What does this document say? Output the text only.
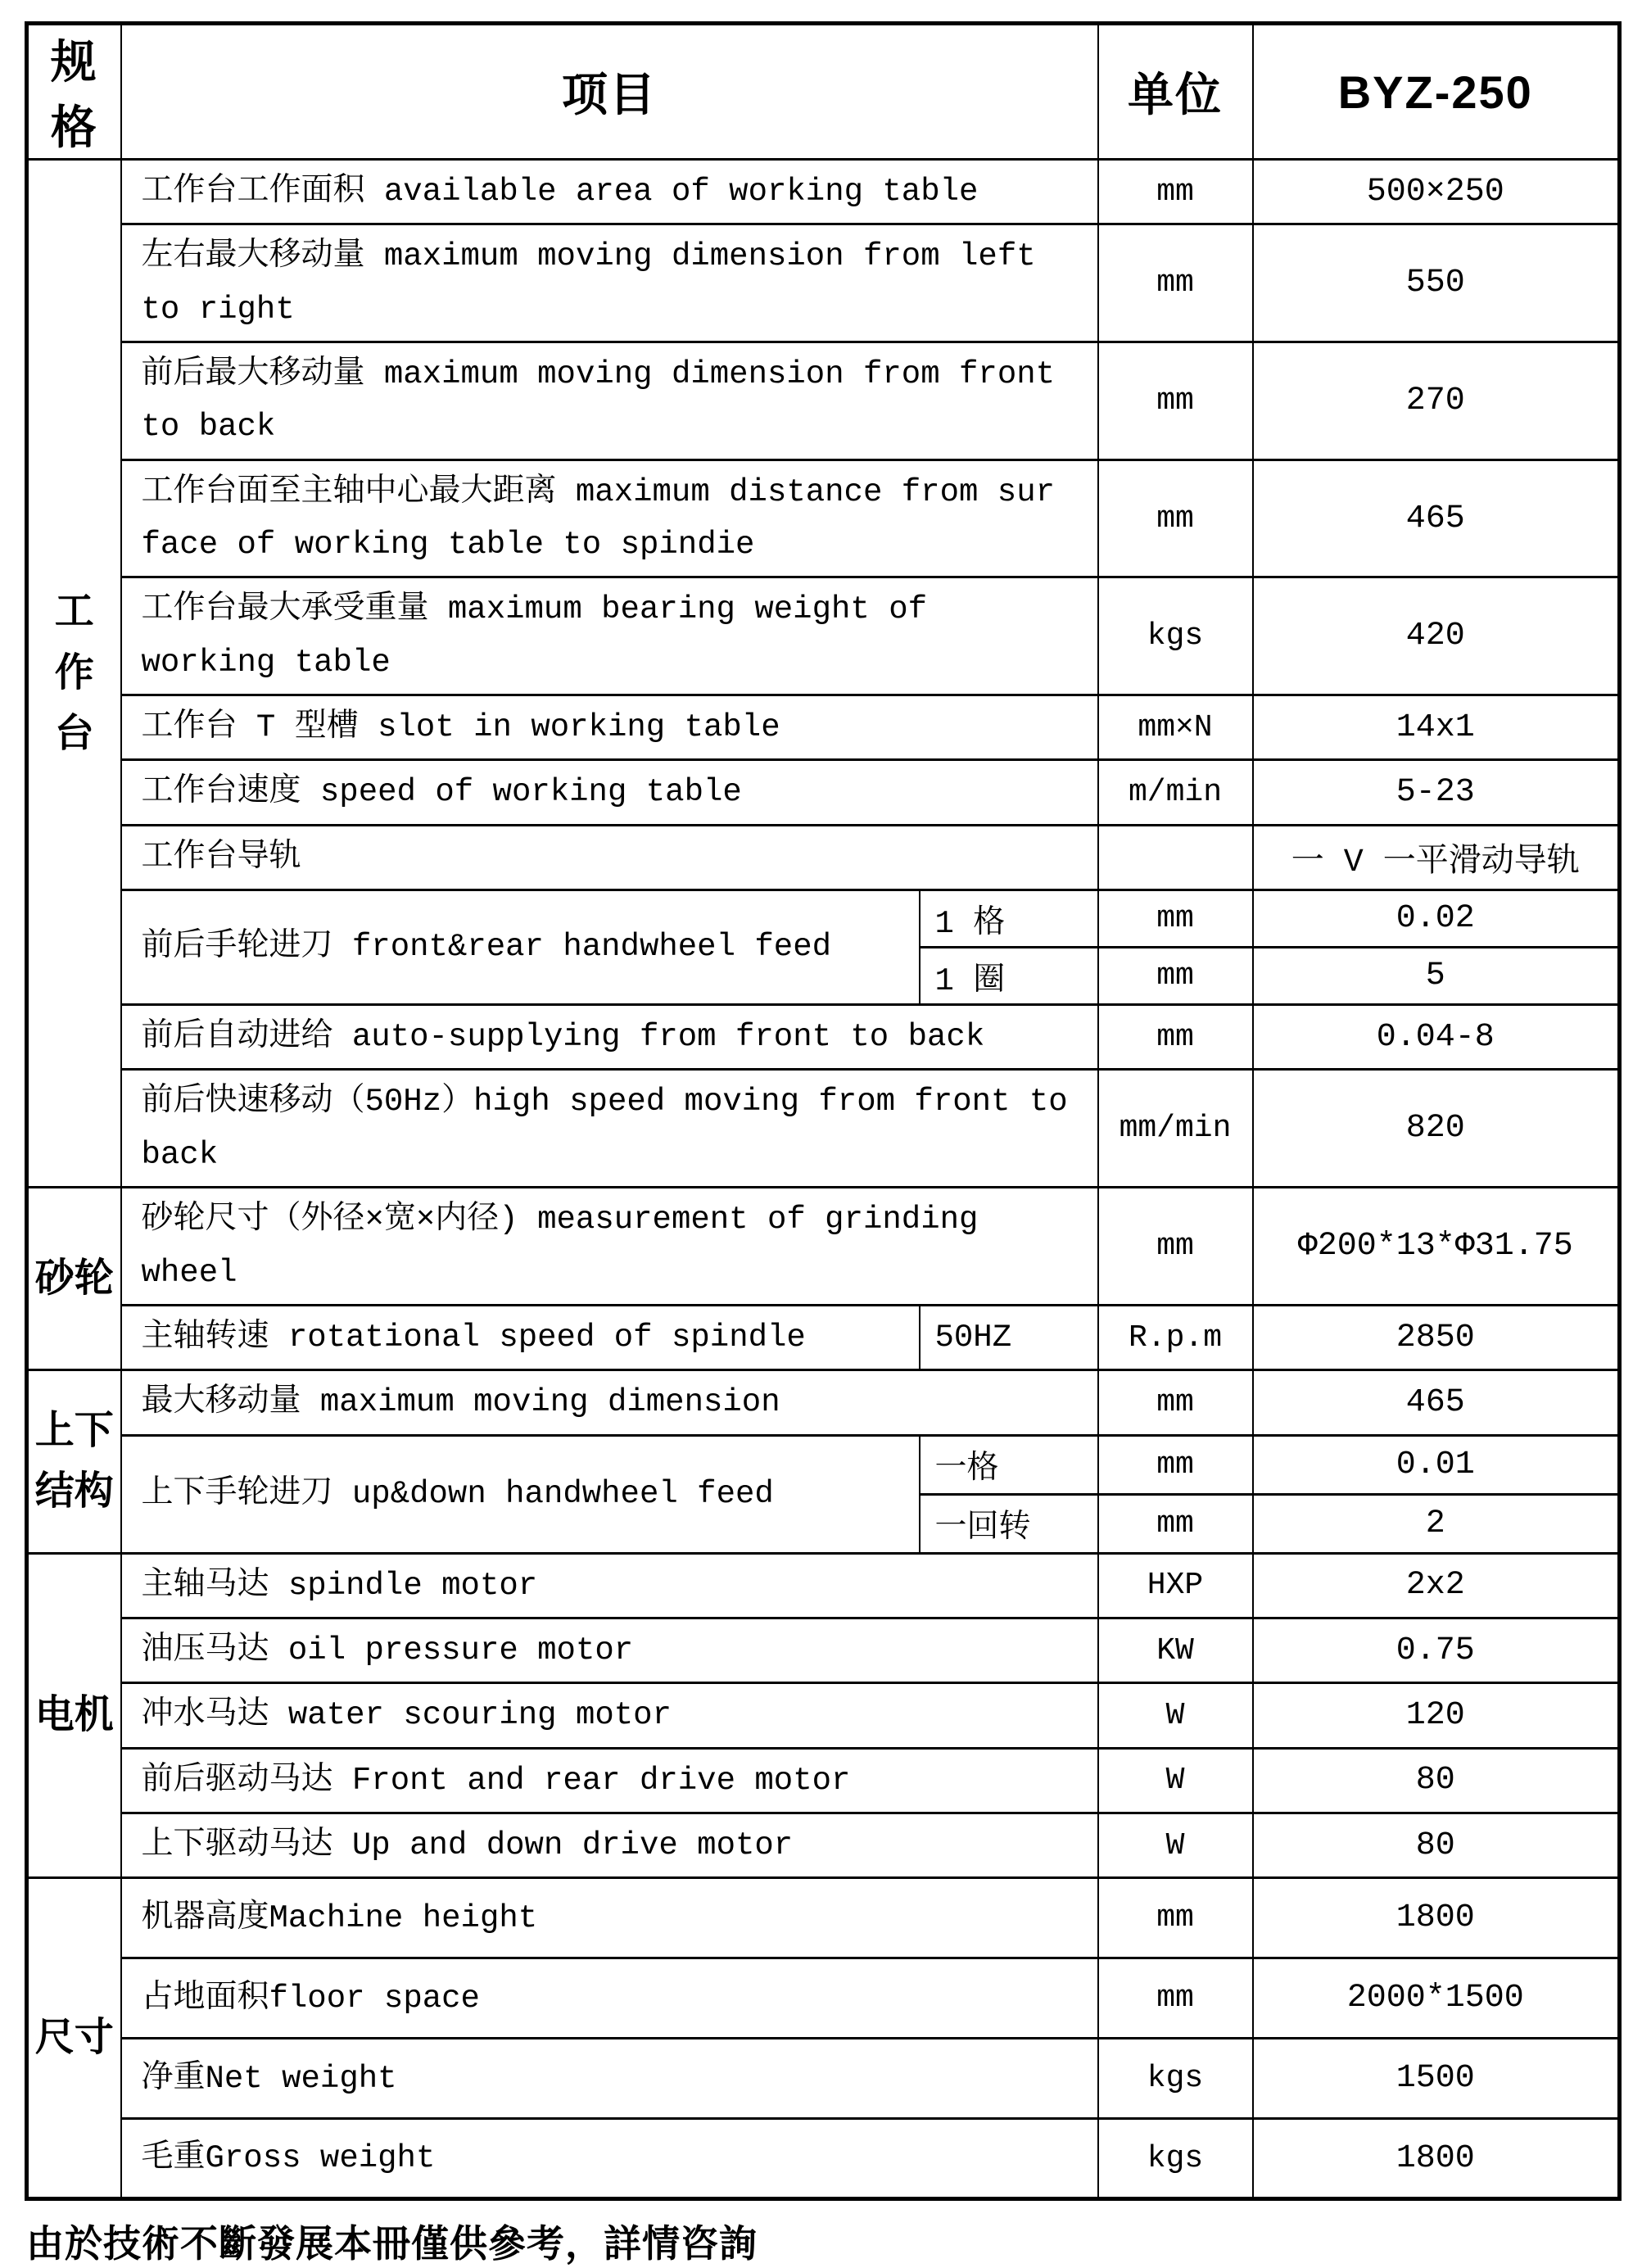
规格	项目		单位	BYZ-250
工作台	工作台工作面积 available area of working table		mm	500×250
	左右最大移动量 maximum moving dimension from left to right		mm	550
	前后最大移动量 maximum moving dimension from front to back		mm	270
	工作台面至主轴中心最大距离 maximum distance from sur face of working table to spindie		mm	465
	工作台最大承受重量 maximum bearing weight of working table		kgs	420
	工作台 T 型槽 slot in working table		mm×N	14x1
	工作台速度 speed of working table		m/min	5-23
	工作台导轨			一 V 一平滑动导轨
	前后手轮进刀 front&rear handwheel feed	1 格	mm	0.02
		1 圈	mm	5
	前后自动进给 auto-supplying from front to back		mm	0.04-8
	前后快速移动（50Hz）high speed moving from front to back		mm/min	820
砂轮	砂轮尺寸（外径×宽×内径) measurement of grinding wheel		mm	Φ200*13*Φ31.75
	主轴转速 rotational speed of spindle	50HZ	R.p.m	2850
上下结构	最大移动量 maximum moving dimension		mm	465
	上下手轮进刀 up&down handwheel feed	一格	mm	0.01
		一回转	mm	2
电机	主轴马达 spindle motor		HXP	2x2
	油压马达 oil pressure motor		KW	0.75
	冲水马达 water scouring motor		W	120
	前后驱动马达 Front and rear drive motor		W	80
	上下驱动马达 Up and down drive motor		W	80
尺寸	机器高度Machine height		mm	1800
	占地面积floor space		mm	2000*1500
	净重Net weight		kgs	1500
	毛重Gross weight		kgs	1800
由於技術不斷發展本冊僅供參考，詳情咨詢
